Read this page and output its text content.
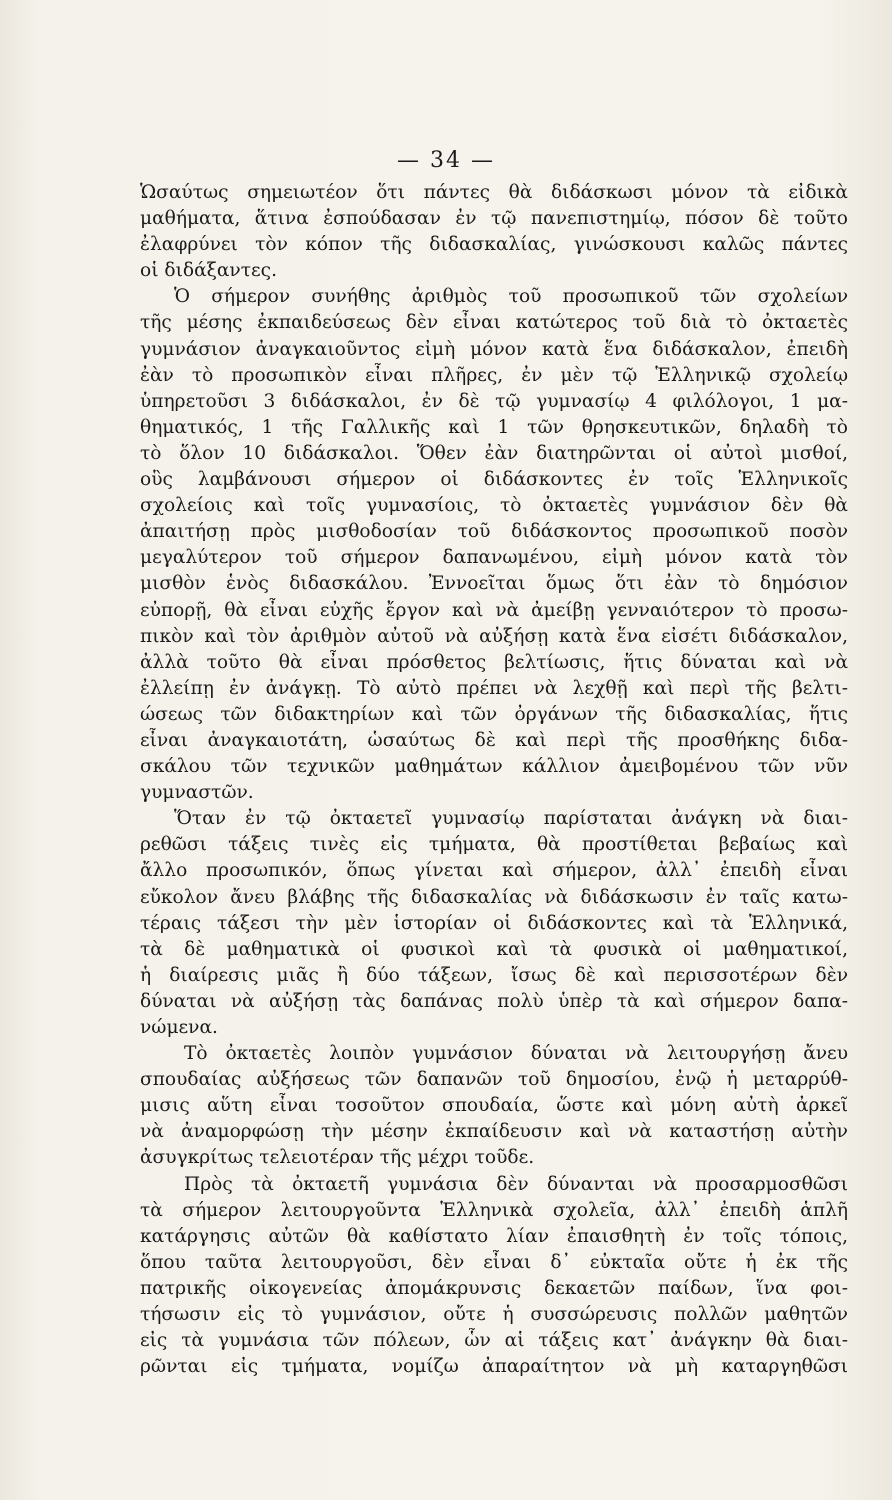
— 34 —
Ὡσαύτως σημειωτέον ὅτι πάντες θὰ διδάσκωσι μόνον τὰ εἰδικὰ
μαθήματα, ἅτινα ἐσπούδασαν ἐν τῷ πανεπιστημίῳ, πόσον δὲ τοῦτο
ἐλαφρύνει τὸν κόπον τῆς διδασκαλίας, γινώσκουσι καλῶς πάντες
οἱ διδάξαντες.
Ὁ σήμερον συνήθης ἀριθμὸς τοῦ προσωπικοῦ τῶν σχολείων
τῆς μέσης ἐκπαιδεύσεως δὲν εἶναι κατώτερος τοῦ διὰ τὸ ὀκταετὲς
γυμνάσιον ἀναγκαιοῦντος εἰμὴ μόνον κατὰ ἕνα διδάσκαλον, ἐπειδὴ
ἐὰν τὸ προσωπικὸν εἶναι πλῆρες, ἐν μὲν τῷ Ἑλληνικῷ σχολείῳ
ὑπηρετοῦσι 3 διδάσκαλοι, ἐν δὲ τῷ γυμνασίῳ 4 φιλόλογοι, 1 μα-
θηματικός, 1 τῆς Γαλλικῆς καὶ 1 τῶν θρησκευτικῶν, δηλαδὴ τὸ
τὸ ὅλον 10 διδάσκαλοι. Ὅθεν ἐὰν διατηρῶνται οἱ αὐτοὶ μισθοί,
οὓς λαμβάνουσι σήμερον οἱ διδάσκοντες ἐν τοῖς Ἑλληνικοῖς
σχολείοις καὶ τοῖς γυμνασίοις, τὸ ὀκταετὲς γυμνάσιον δὲν θὰ
ἀπαιτήσῃ πρὸς μισθοδοσίαν τοῦ διδάσκοντος προσωπικοῦ ποσὸν
μεγαλύτερον τοῦ σήμερον δαπανωμένου, εἰμὴ μόνον κατὰ τὸν
μισθὸν ἑνὸς διδασκάλου. Ἐννοεῖται ὅμως ὅτι ἐὰν τὸ δημόσιον
εὐπορῇ, θὰ εἶναι εὐχῆς ἔργον καὶ νὰ ἀμείβῃ γενναιότερον τὸ προσω-
πικὸν καὶ τὸν ἀριθμὸν αὐτοῦ νὰ αὐξήσῃ κατὰ ἕνα εἰσέτι διδάσκαλον,
ἀλλὰ τοῦτο θὰ εἶναι πρόσθετος βελτίωσις, ἥτις δύναται καὶ νὰ
ἐλλείπῃ ἐν ἀνάγκῃ. Τὸ αὐτὸ πρέπει νὰ λεχθῇ καὶ περὶ τῆς βελτι-
ώσεως τῶν διδακτηρίων καὶ τῶν ὀργάνων τῆς διδασκαλίας, ἥτις
εἶναι ἀναγκαιοτάτη, ὡσαύτως δὲ καὶ περὶ τῆς προσθήκης διδα-
σκάλου τῶν τεχνικῶν μαθημάτων κάλλιον ἀμειβομένου τῶν νῦν
γυμναστῶν.
Ὅταν ἐν τῷ ὀκταετεῖ γυμνασίῳ παρίσταται ἀνάγκη νὰ διαι-
ρεθῶσι τάξεις τινὲς εἰς τμήματα, θὰ προστίθεται βεβαίως καὶ
ἄλλο προσωπικόν, ὅπως γίνεται καὶ σήμερον, ἀλλ᾽ ἐπειδὴ εἶναι
εὔκολον ἄνευ βλάβης τῆς διδασκαλίας νὰ διδάσκωσιν ἐν ταῖς κατω-
τέραις τάξεσι τὴν μὲν ἱστορίαν οἱ διδάσκοντες καὶ τὰ Ἑλληνικά,
τὰ δὲ μαθηματικὰ οἱ φυσικοὶ καὶ τὰ φυσικὰ οἱ μαθηματικοί,
ἡ διαίρεσις μιᾶς ἢ δύο τάξεων, ἴσως δὲ καὶ περισσοτέρων δὲν
δύναται νὰ αὐξήσῃ τὰς δαπάνας πολὺ ὑπὲρ τὰ καὶ σήμερον δαπα-
νώμενα.
Τὸ ὀκταετὲς λοιπὸν γυμνάσιον δύναται νὰ λειτουργήσῃ ἄνευ
σπουδαίας αὐξήσεως τῶν δαπανῶν τοῦ δημοσίου, ἐνῷ ἡ μεταρρύθ-
μισις αὕτη εἶναι τοσοῦτον σπουδαία, ὥστε καὶ μόνη αὐτὴ ἀρκεῖ
νὰ ἀναμορφώσῃ τὴν μέσην ἐκπαίδευσιν καὶ νὰ καταστήσῃ αὐτὴν
ἀσυγκρίτως τελειοτέραν τῆς μέχρι τοῦδε.
Πρὸς τὰ ὀκταετῆ γυμνάσια δὲν δύνανται νὰ προσαρμοσθῶσι
τὰ σήμερον λειτουργοῦντα Ἑλληνικὰ σχολεῖα, ἀλλ᾽ ἐπειδὴ ἁπλῆ
κατάργησις αὐτῶν θὰ καθίστατο λίαν ἐπαισθητὴ ἐν τοῖς τόποις,
ὅπου ταῦτα λειτουργοῦσι, δὲν εἶναι δ᾽ εὐκταῖα οὔτε ἡ ἐκ τῆς
πατρικῆς οἰκογενείας ἀπομάκρυνσις δεκαετῶν παίδων, ἵνα φοι-
τήσωσιν εἰς τὸ γυμνάσιον, οὔτε ἡ συσσώρευσις πολλῶν μαθητῶν
εἰς τὰ γυμνάσια τῶν πόλεων, ὧν αἱ τάξεις κατ᾽ ἀνάγκην θὰ διαι-
ρῶνται εἰς τμήματα, νομίζω ἀπαραίτητον νὰ μὴ καταργηθῶσι
